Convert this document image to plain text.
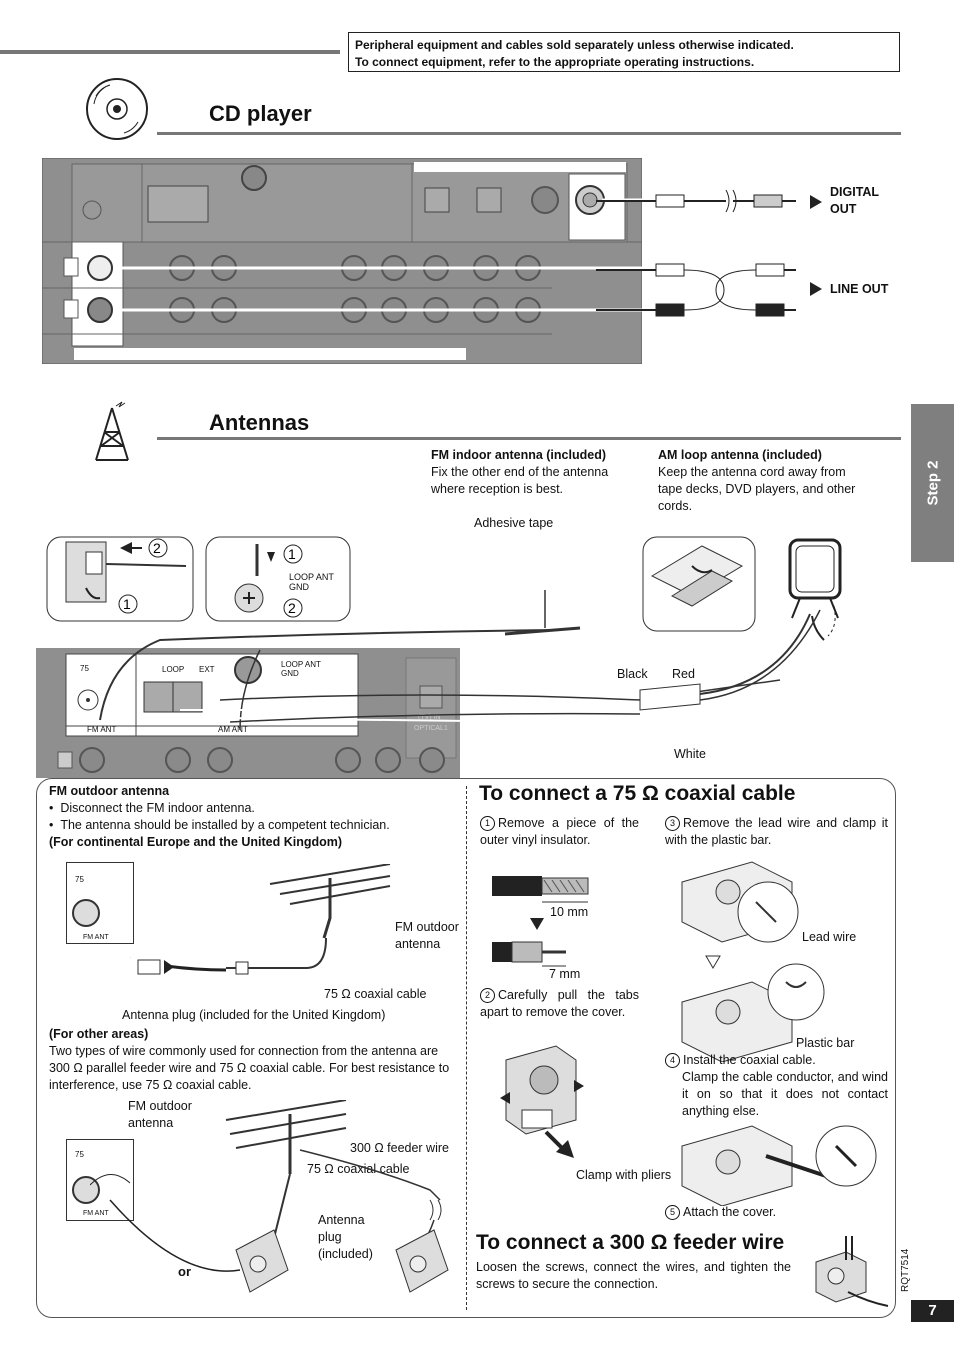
Peripheral equipment and cables sold separately unless otherwise indicated.
To connect equipment, refer to the appropriate operating instructions.
CD player
DIGITAL OUT
LINE OUT
Antennas
FM indoor antenna (included)
Fix the other end of the antenna where reception is best.
AM loop antenna (included)
Keep the antenna cord away from tape decks, DVD players, and other cords.
Step 2
Adhesive tape
2
1
1
2
LOOP ANT GND
75	LOOP EXT
LOOP ANT GND
FM ANT	AM ANT
(TV) IN
OPTICAL1
Black Red
White
FM outdoor antenna
•  Disconnect the FM indoor antenna.
•  The antenna should be installed by a competent technician.
(For continental Europe and the United Kingdom)
75
FM ANT
FM outdoor antenna
75 Ω coaxial cable
Antenna plug (included for the United Kingdom)
(For other areas)
Two types of wire commonly used for connection from the antenna are 300 Ω parallel feeder wire and 75 Ω coaxial cable. For best resistance to interference, use 75 Ω coaxial cable.
FM outdoor antenna
300 Ω feeder wire
75 Ω coaxial cable
Antenna plug (included)
or
75
FM ANT
To connect a 75 Ω coaxial cable
1 Remove a piece of the outer vinyl insulator.
3 Remove the lead wire and clamp it with the plastic bar.
10 mm
7 mm
2 Carefully pull the tabs apart to remove the cover.
Clamp with pliers
Lead wire
Plastic bar
4 Install the coaxial cable.
Clamp the cable conductor, and wind it on so that it does not contact anything else.
5 Attach the cover.
To connect a 300 Ω feeder wire
Loosen the screws, connect the wires, and tighten the screws to secure the connection.	RQT7514
7
